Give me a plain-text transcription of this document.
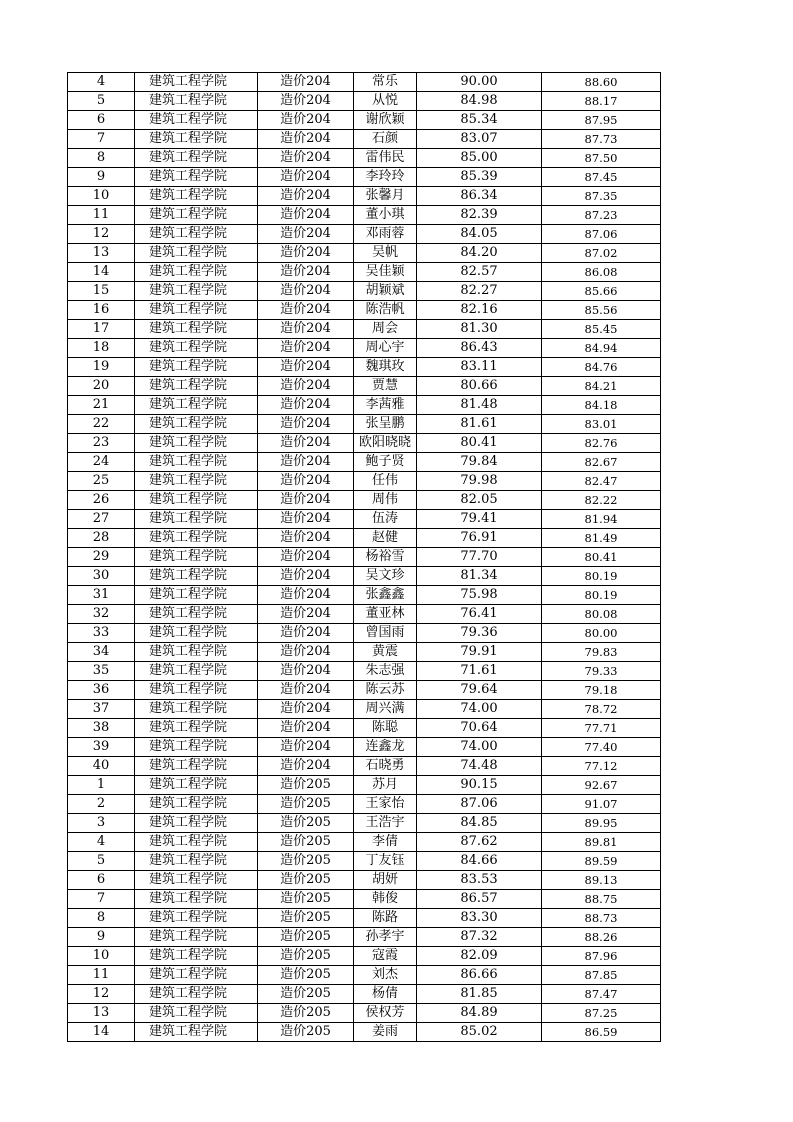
4	建筑工程学院	造价204	常乐	90.00	88.60
5	建筑工程学院	造价204	从悦	84.98	88.17
6	建筑工程学院	造价204	谢欣颖	85.34	87.95
7	建筑工程学院	造价204	石颜	83.07	87.73
8	建筑工程学院	造价204	雷伟民	85.00	87.50
9	建筑工程学院	造价204	李玲玲	85.39	87.45
10	建筑工程学院	造价204	张馨月	86.34	87.35
11	建筑工程学院	造价204	董小琪	82.39	87.23
12	建筑工程学院	造价204	邓雨蓉	84.05	87.06
13	建筑工程学院	造价204	吴帆	84.20	87.02
14	建筑工程学院	造价204	吴佳颖	82.57	86.08
15	建筑工程学院	造价204	胡颖斌	82.27	85.66
16	建筑工程学院	造价204	陈浩帆	82.16	85.56
17	建筑工程学院	造价204	周会	81.30	85.45
18	建筑工程学院	造价204	周心宇	86.43	84.94
19	建筑工程学院	造价204	魏琪玫	83.11	84.76
20	建筑工程学院	造价204	贾慧	80.66	84.21
21	建筑工程学院	造价204	李茜雅	81.48	84.18
22	建筑工程学院	造价204	张呈鹏	81.61	83.01
23	建筑工程学院	造价204	欧阳晓晓	80.41	82.76
24	建筑工程学院	造价204	鲍子贤	79.84	82.67
25	建筑工程学院	造价204	任伟	79.98	82.47
26	建筑工程学院	造价204	周伟	82.05	82.22
27	建筑工程学院	造价204	伍涛	79.41	81.94
28	建筑工程学院	造价204	赵健	76.91	81.49
29	建筑工程学院	造价204	杨裕雪	77.70	80.41
30	建筑工程学院	造价204	吴文珍	81.34	80.19
31	建筑工程学院	造价204	张鑫鑫	75.98	80.19
32	建筑工程学院	造价204	董亚林	76.41	80.08
33	建筑工程学院	造价204	曾国雨	79.36	80.00
34	建筑工程学院	造价204	黄震	79.91	79.83
35	建筑工程学院	造价204	朱志强	71.61	79.33
36	建筑工程学院	造价204	陈云苏	79.64	79.18
37	建筑工程学院	造价204	周兴满	74.00	78.72
38	建筑工程学院	造价204	陈聪	70.64	77.71
39	建筑工程学院	造价204	连鑫龙	74.00	77.40
40	建筑工程学院	造价204	石晓勇	74.48	77.12
1	建筑工程学院	造价205	苏月	90.15	92.67
2	建筑工程学院	造价205	王家怡	87.06	91.07
3	建筑工程学院	造价205	王浩宇	84.85	89.95
4	建筑工程学院	造价205	李倩	87.62	89.81
5	建筑工程学院	造价205	丁友钰	84.66	89.59
6	建筑工程学院	造价205	胡妍	83.53	89.13
7	建筑工程学院	造价205	韩俊	86.57	88.75
8	建筑工程学院	造价205	陈路	83.30	88.73
9	建筑工程学院	造价205	孙孝宇	87.32	88.26
10	建筑工程学院	造价205	寇霞	82.09	87.96
11	建筑工程学院	造价205	刘杰	86.66	87.85
12	建筑工程学院	造价205	杨倩	81.85	87.47
13	建筑工程学院	造价205	侯权芳	84.89	87.25
14	建筑工程学院	造价205	姜雨	85.02	86.59
